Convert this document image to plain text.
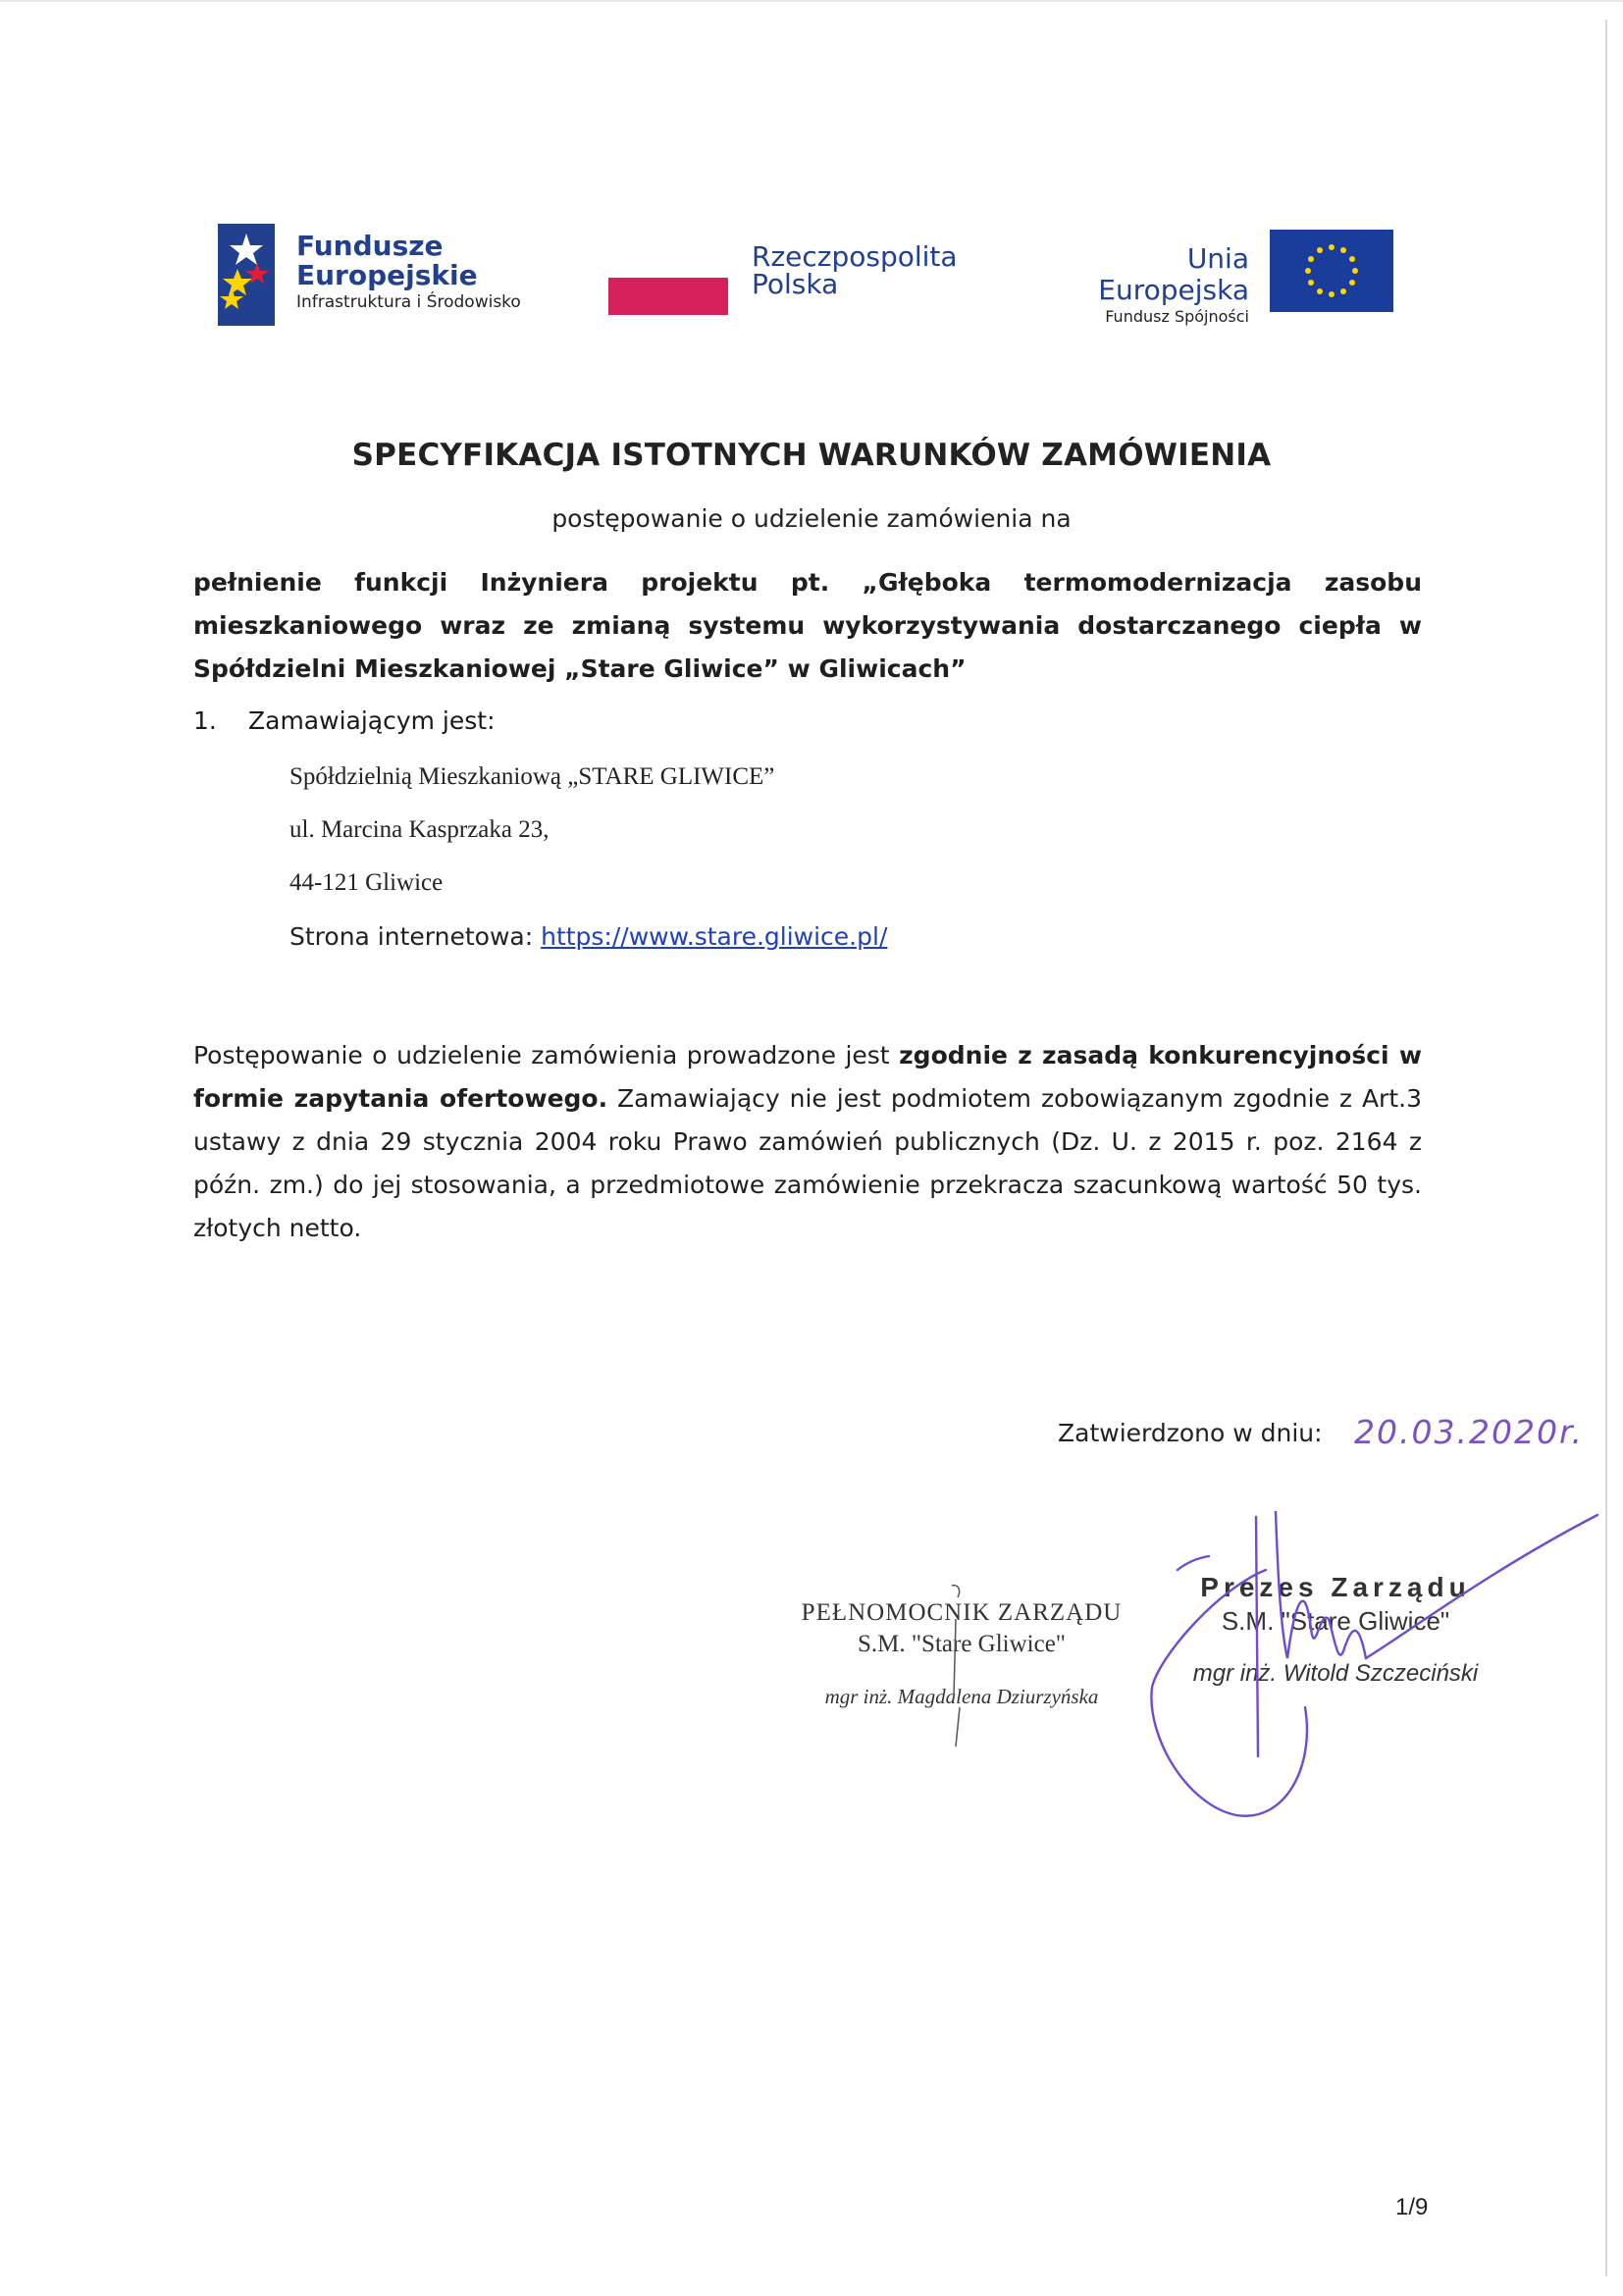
Fundusze
Europejskie
Infrastruktura i Środowisko
Rzeczpospolita
Polska
Unia Europejska
Fundusz Spójności
SPECYFIKACJA ISTOTNYCH WARUNKÓW ZAMÓWIENIA
postępowanie o udzielenie zamówienia na
pełnienie funkcji Inżyniera projektu pt. „Głęboka termomodernizacja zasobu mieszkaniowego wraz ze zmianą systemu wykorzystywania dostarczanego ciepła w Spółdzielni Mieszkaniowej „Stare Gliwice” w Gliwicach”
1. Zamawiającym jest:
Spółdzielnią Mieszkaniową „STARE GLIWICE”
ul. Marcina Kasprzaka 23,
44-121 Gliwice
Strona internetowa: https://www.stare.gliwice.pl/
Postępowanie o udzielenie zamówienia prowadzone jest zgodnie z zasadą konkurencyjności w formie zapytania ofertowego. Zamawiający nie jest podmiotem zobowiązanym zgodnie z Art.3 ustawy z dnia 29 stycznia 2004 roku Prawo zamówień publicznych (Dz. U. z 2015 r. poz. 2164 z późn. zm.) do jej stosowania, a przedmiotowe zamówienie przekracza szacunkową wartość 50 tys. złotych netto.
Zatwierdzono w dniu: 20.03.2020r.
PEŁNOMOCNIK ZARZĄDU
S.M. "Stare Gliwice"
mgr inż. Magdalena Dziurzyńska
Prezes Zarządu
S.M. "Stare Gliwice"
mgr inż. Witold Szczeciński
1/9
